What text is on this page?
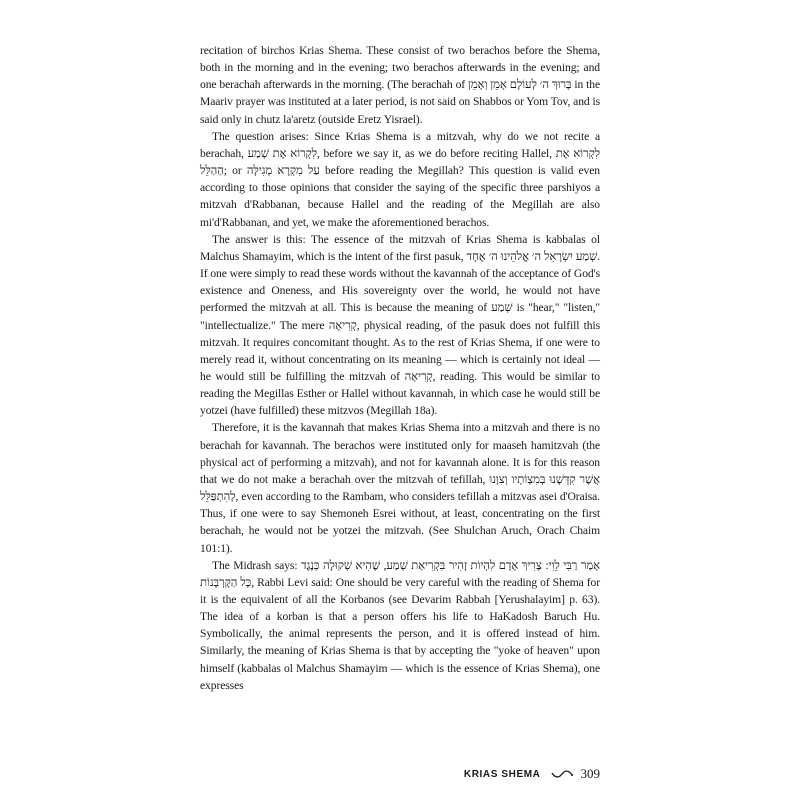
recitation of birchos Krias Shema. These consist of two berachos before the Shema, both in the morning and in the evening; two berachos afterwards in the evening; and one berachah afterwards in the morning. (The berachah of בָּרוּךְ ה׳ לְעוֹלָם אָמֵן וְאָמֵן in the Maariv prayer was instituted at a later period, is not said on Shabbos or Yom Tov, and is said only in chutz la'aretz (outside Eretz Yisrael).

The question arises: Since Krias Shema is a mitzvah, why do we not recite a berachah, לִקְרוֹא אֶת שְׁמַע, before we say it, as we do before reciting Hallel, לִקְרוֹא אֶת הַהַלֵּל; or עַל מִקְרָא מְגִילָּה before reading the Megillah? This question is valid even according to those opinions that consider the saying of the specific three parshiyos a mitzvah d'Rabbanan, because Hallel and the reading of the Megillah are also mi'd'Rabbanan, and yet, we make the aforementioned berachos.

The answer is this: The essence of the mitzvah of Krias Shema is kabbalas ol Malchus Shamayim, which is the intent of the first pasuk, שְׁמַע יִשְׂרָאֵל ה׳ אֱלֹהֵינוּ ה׳ אֶחָד. If one were simply to read these words without the kavannah of the acceptance of God's existence and Oneness, and His sovereignty over the world, he would not have performed the mitzvah at all. This is because the meaning of שְׁמַע is "hear," "listen," "intellectualize." The mere קְרִיאָה, physical reading, of the pasuk does not fulfill this mitzvah. It requires concomitant thought. As to the rest of Krias Shema, if one were to merely read it, without concentrating on its meaning — which is certainly not ideal — he would still be fulfilling the mitzvah of קְרִיאָה, reading. This would be similar to reading the Megillas Esther or Hallel without kavannah, in which case he would still be yotzei (have fulfilled) these mitzvos (Megillah 18a).

Therefore, it is the kavannah that makes Krias Shema into a mitzvah and there is no berachah for kavannah. The berachos were instituted only for maaseh hamitzvah (the physical act of performing a mitzvah), and not for kavannah alone. It is for this reason that we do not make a berachah over the mitzvah of tefillah, אֲשֶׁר קִדְּשָׁנוּ בְּמִצְוֹתָיו וְצִוָּנוּ לְהִתְפַּלֵּל, even according to the Rambam, who considers tefillah a mitzvas asei d'Oraisa. Thus, if one were to say Shemoneh Esrei without, at least, concentrating on the first berachah, he would not be yotzei the mitzvah. (See Shulchan Aruch, Orach Chaim 101:1).

The Midrash says: אָמַר רַבִּי לֵוִי: צָרִיךְ אָדָם לִהְיוֹת זָהִיר בִּקְרִיאַת שְׁמַע, שֶׁהִיא שְׁקוּלָה כְּנֶגֶד כָּל הַקָּרְבָּנוֹת, Rabbi Levi said: One should be very careful with the reading of Shema for it is the equivalent of all the Korbanos (see Devarim Rabbah [Yerushalayim] p. 63). The idea of a korban is that a person offers his life to HaKadosh Baruch Hu. Symbolically, the animal represents the person, and it is offered instead of him. Similarly, the meaning of Krias Shema is that by accepting the "yoke of heaven" upon himself (kabbalas ol Malchus Shamayim — which is the essence of Krias Shema), one expresses

KRIAS SHEMA	309
